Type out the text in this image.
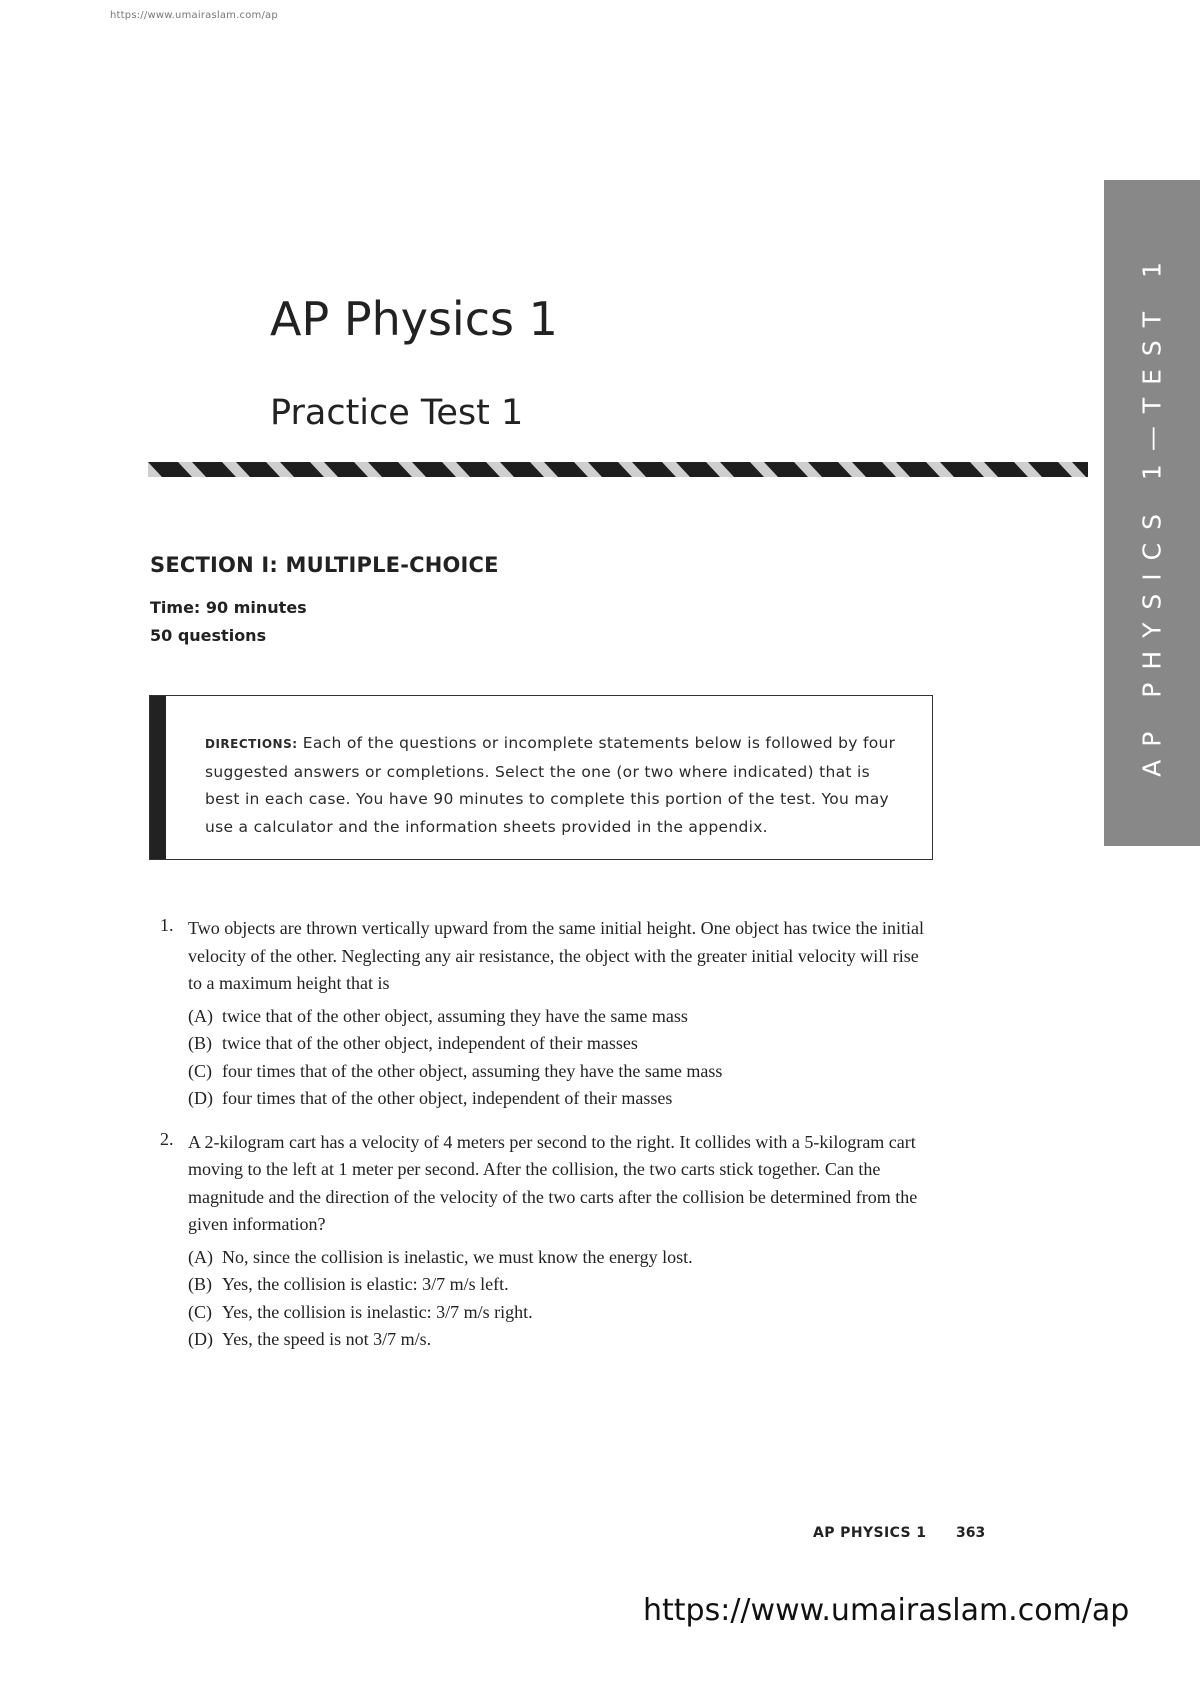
https://www.umairaslam.com/ap
AP Physics 1
Practice Test 1
SECTION I: MULTIPLE-CHOICE
Time: 90 minutes
50 questions
DIRECTIONS: Each of the questions or incomplete statements below is followed by four suggested answers or completions. Select the one (or two where indicated) that is best in each case. You have 90 minutes to complete this portion of the test. You may use a calculator and the information sheets provided in the appendix.
1. Two objects are thrown vertically upward from the same initial height. One object has twice the initial velocity of the other. Neglecting any air resistance, the object with the greater initial velocity will rise to a maximum height that is
(A) twice that of the other object, assuming they have the same mass
(B) twice that of the other object, independent of their masses
(C) four times that of the other object, assuming they have the same mass
(D) four times that of the other object, independent of their masses
2. A 2-kilogram cart has a velocity of 4 meters per second to the right. It collides with a 5-kilogram cart moving to the left at 1 meter per second. After the collision, the two carts stick together. Can the magnitude and the direction of the velocity of the two carts after the collision be determined from the given information?
(A) No, since the collision is inelastic, we must know the energy lost.
(B) Yes, the collision is elastic: 3/7 m/s left.
(C) Yes, the collision is inelastic: 3/7 m/s right.
(D) Yes, the speed is not 3/7 m/s.
AP PHYSICS 1 363
https://www.umairaslam.com/ap
AP PHYSICS 1—TEST 1
